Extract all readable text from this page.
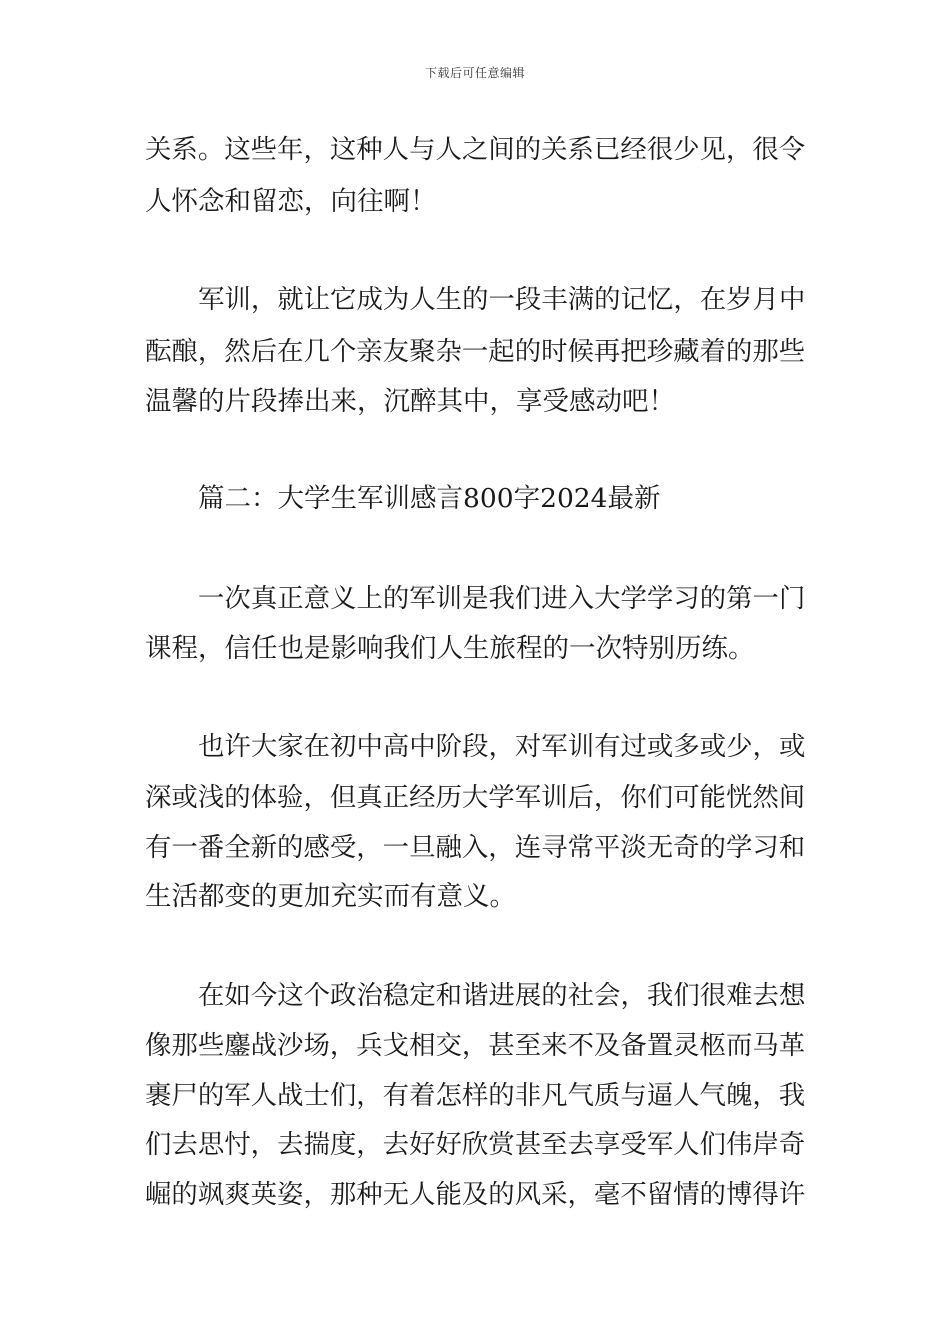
下载后可任意编辑
关系。这些年，这种人与人之间的关系已经很少见，很令
人怀念和留恋，向往啊！
军训，就让它成为人生的一段丰满的记忆，在岁月中
酝酿，然后在几个亲友聚杂一起的时候再把珍藏着的那些
温馨的片段捧出来，沉醉其中，享受感动吧！
篇二：大学生军训感言800字2024最新
一次真正意义上的军训是我们进入大学学习的第一门
课程，信任也是影响我们人生旅程的一次特别历练。
也许大家在初中高中阶段，对军训有过或多或少，或
深或浅的体验，但真正经历大学军训后，你们可能恍然间
有一番全新的感受，一旦融入，连寻常平淡无奇的学习和
生活都变的更加充实而有意义。
在如今这个政治稳定和谐进展的社会，我们很难去想
像那些鏖战沙场，兵戈相交，甚至来不及备置灵柩而马革
裹尸的军人战士们，有着怎样的非凡气质与逼人气魄，我
们去思忖，去揣度，去好好欣赏甚至去享受军人们伟岸奇
崛的飒爽英姿，那种无人能及的风采，毫不留情的博得许
